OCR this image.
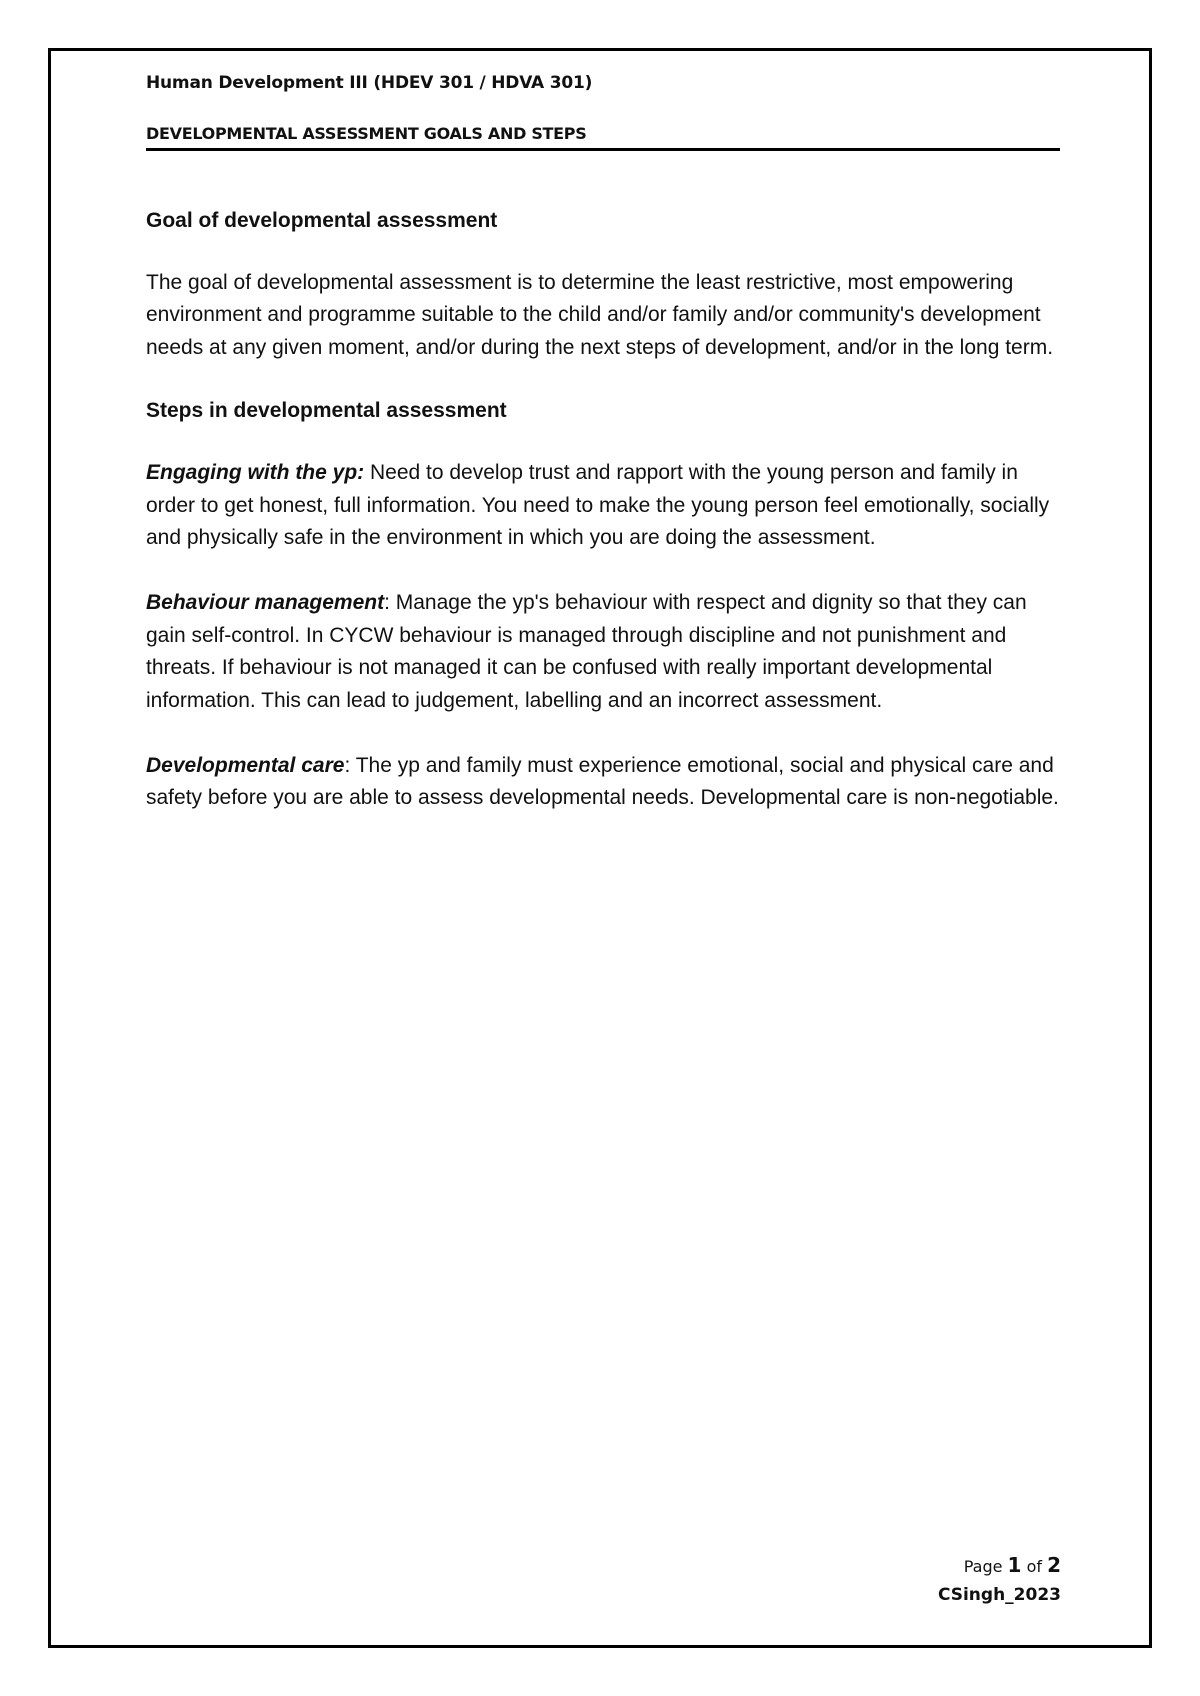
Human Development III (HDEV 301 / HDVA 301)

DEVELOPMENTAL ASSESSMENT GOALS AND STEPS

Goal of developmental assessment

The goal of developmental assessment is to determine the least restrictive, most empowering environment and programme suitable to the child and/or family and/or community's development needs at any given moment, and/or during the next steps of development, and/or in the long term.

Steps in developmental assessment

Engaging with the yp: Need to develop trust and rapport with the young person and family in order to get honest, full information. You need to make the young person feel emotionally, socially and physically safe in the environment in which you are doing the assessment.

Behaviour management: Manage the yp's behaviour with respect and dignity so that they can gain self-control. In CYCW behaviour is managed through discipline and not punishment and threats. If behaviour is not managed it can be confused with really important developmental information. This can lead to judgement, labelling and an incorrect assessment.

Developmental care: The yp and family must experience emotional, social and physical care and safety before you are able to assess developmental needs. Developmental care is non-negotiable.

Page 1 of 2
CSingh_2023
